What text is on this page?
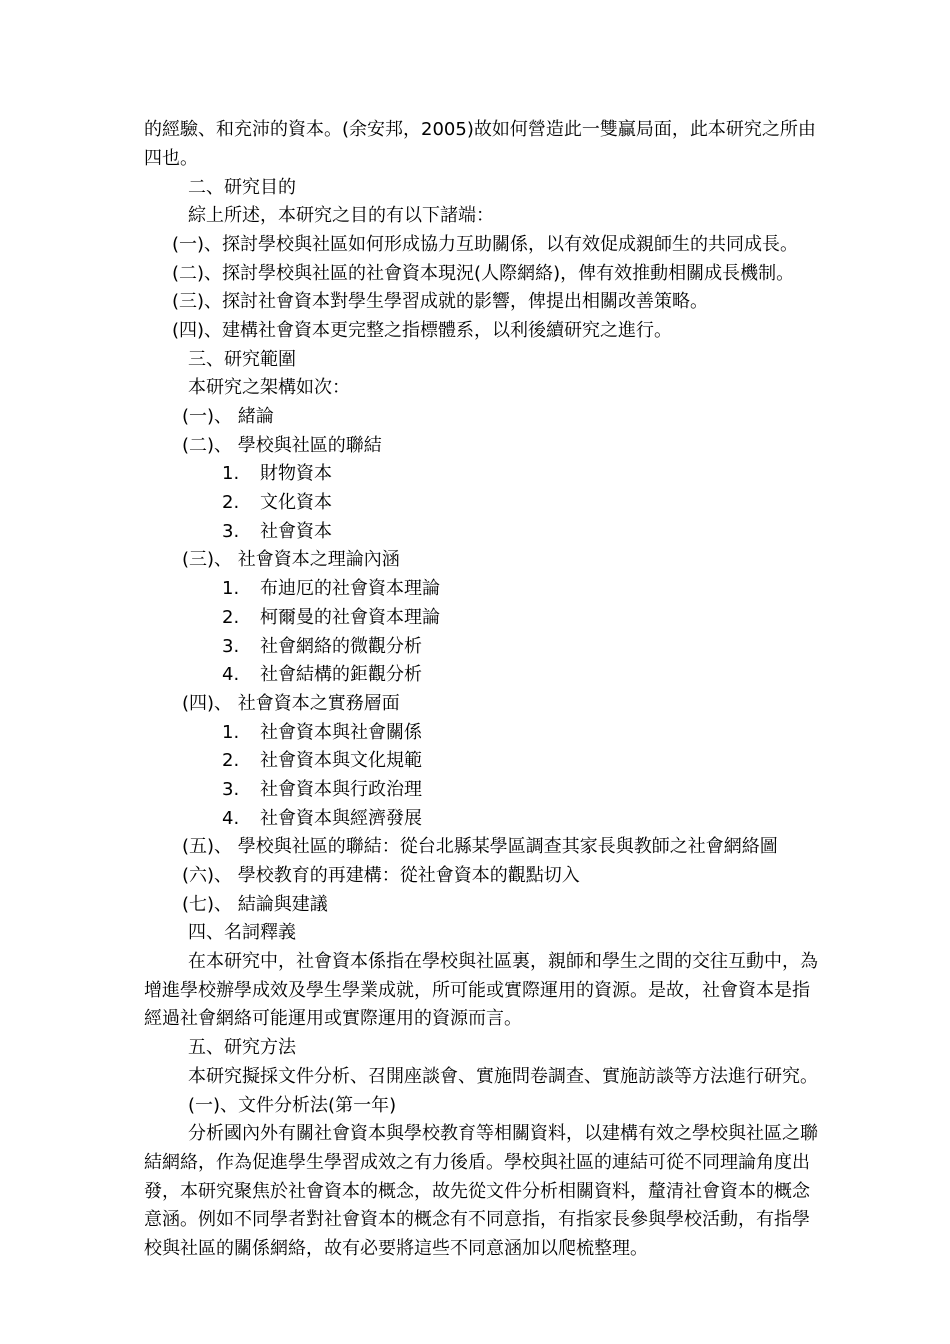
的經驗、和充沛的資本。(余安邦，2005)故如何營造此一雙贏局面，此本研究之所由
四也。
二、研究目的
綜上所述，本研究之目的有以下諸端：
(一)、探討學校與社區如何形成協力互助關係，以有效促成親師生的共同成長。
(二)、探討學校與社區的社會資本現況(人際網絡)，俾有效推動相關成長機制。
(三)、探討社會資本對學生學習成就的影響，俾提出相關改善策略。
(四)、建構社會資本更完整之指標體系，以利後續研究之進行。
三、研究範圍
本研究之架構如次：
(一)、 緒論
(二)、 學校與社區的聯結
1. 財物資本
2. 文化資本
3. 社會資本
(三)、 社會資本之理論內涵
1. 布迪厄的社會資本理論
2. 柯爾曼的社會資本理論
3. 社會網絡的微觀分析
4. 社會結構的鉅觀分析
(四)、 社會資本之實務層面
1. 社會資本與社會關係
2. 社會資本與文化規範
3. 社會資本與行政治理
4. 社會資本與經濟發展
(五)、 學校與社區的聯結：從台北縣某學區調查其家長與教師之社會網絡圖
(六)、 學校教育的再建構：從社會資本的觀點切入
(七)、 結論與建議
四、名詞釋義
在本研究中，社會資本係指在學校與社區裏，親師和學生之間的交往互動中，為
增進學校辦學成效及學生學業成就，所可能或實際運用的資源。是故，社會資本是指
經過社會網絡可能運用或實際運用的資源而言。
五、研究方法
本研究擬採文件分析、召開座談會、實施問卷調查、實施訪談等方法進行研究。
(一)、文件分析法(第一年)
分析國內外有關社會資本與學校教育等相關資料，以建構有效之學校與社區之聯
結網絡，作為促進學生學習成效之有力後盾。學校與社區的連結可從不同理論角度出
發，本研究聚焦於社會資本的概念，故先從文件分析相關資料，釐清社會資本的概念
意涵。例如不同學者對社會資本的概念有不同意指，有指家長參與學校活動，有指學
校與社區的關係網絡，故有必要將這些不同意涵加以爬梳整理。
